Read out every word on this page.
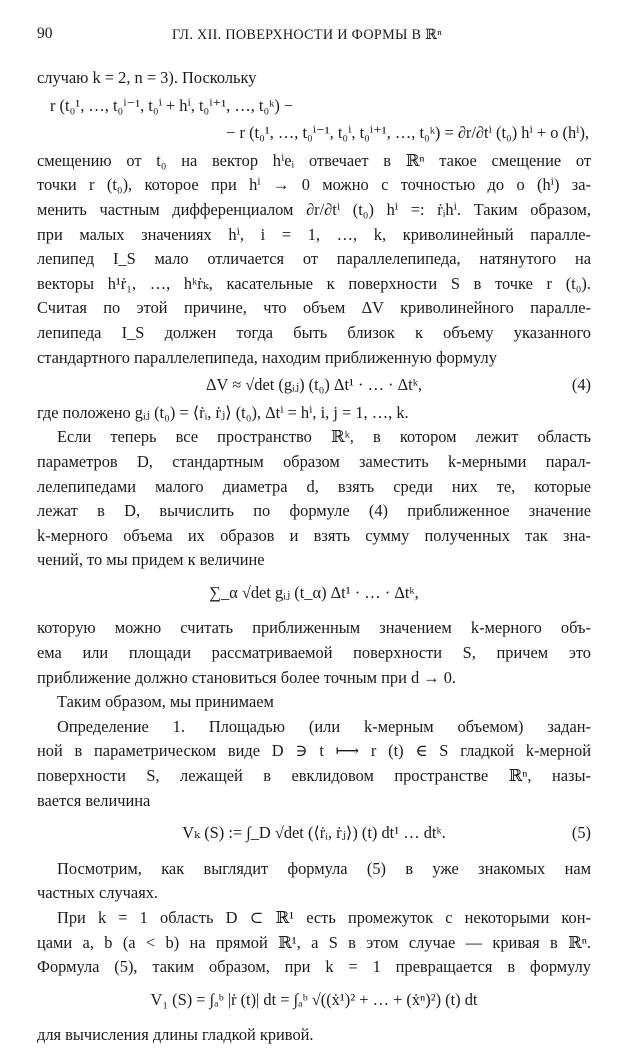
90	ГЛ. XII. ПОВЕРХНОСТИ И ФОРМЫ В ℝⁿ

случаю k = 2, n = 3). Поскольку

r (t₀¹, …, t₀ⁱ⁻¹, t₀ⁱ + hⁱ, t₀ⁱ⁺¹, …, t₀ᵏ) −
− r (t₀¹, …, t₀ⁱ⁻¹, t₀ⁱ, t₀ⁱ⁺¹, …, t₀ᵏ) = ∂r/∂tⁱ (t₀) hⁱ + o (hⁱ),

смещению от t₀ на вектор hⁱeᵢ отвечает в ℝⁿ такое смещение от
точки r (t₀), которое при hⁱ → 0 можно с точностью до o (hⁱ) за-
менить частным дифференциалом ∂r/∂tⁱ (t₀) hⁱ =: ṙᵢhⁱ. Таким образом,
при малых значениях hⁱ, i = 1, …, k, криволинейный паралле-
лепипед I_S мало отличается от параллелепипеда, натянутого на
векторы h¹ṙ₁, …, hᵏṙₖ, касательные к поверхности S в точке r (t₀).
Считая по этой причине, что объем ΔV криволинейного паралле-
лепипеда I_S должен тогда быть близок к объему указанного
стандартного параллелепипеда, находим приближенную формулу

ΔV ≈ √det (gᵢⱼ) (t₀) Δt¹ · … · Δtᵏ,	(4)

где положено gᵢⱼ (t₀) = ⟨ṙᵢ, ṙⱼ⟩ (t₀), Δtⁱ = hⁱ, i, j = 1, …, k.

Если теперь все пространство ℝᵏ, в котором лежит область
параметров D, стандартным образом заместить k-мерными парал-
лелепипедами малого диаметра d, взять среди них те, которые
лежат в D, вычислить по формуле (4) приближенное значение
k-мерного объема их образов и взять сумму полученных так зна-
чений, то мы придем к величине

∑_α √det gᵢⱼ (t_α) Δt¹ · … · Δtᵏ,

которую можно считать приближенным значением k-мерного объ-
ема или площади рассматриваемой поверхности S, причем это
приближение должно становиться более точным при d → 0.
Таким образом, мы принимаем

Определение 1. Площадью (или k-мерным объемом) задан-
ной в параметрическом виде D ∋ t ⟼ r (t) ∈ S гладкой k-мерной
поверхности S, лежащей в евклидовом пространстве ℝⁿ, назы-
вается величина

Vₖ (S) := ∫_D √det (⟨ṙᵢ, ṙⱼ⟩) (t) dt¹ … dtᵏ.	(5)

Посмотрим, как выглядит формула (5) в уже знакомых нам
частных случаях.

При k = 1 область D ⊂ ℝ¹ есть промежуток с некоторыми кон-
цами a, b (a < b) на прямой ℝ¹, а S в этом случае — кривая в ℝⁿ.
Формула (5), таким образом, при k = 1 превращается в формулу

V₁ (S) = ∫ₐᵇ |ṙ (t)| dt = ∫ₐᵇ √((ẋ¹)² + … + (ẋⁿ)²) (t) dt

для вычисления длины гладкой кривой.
